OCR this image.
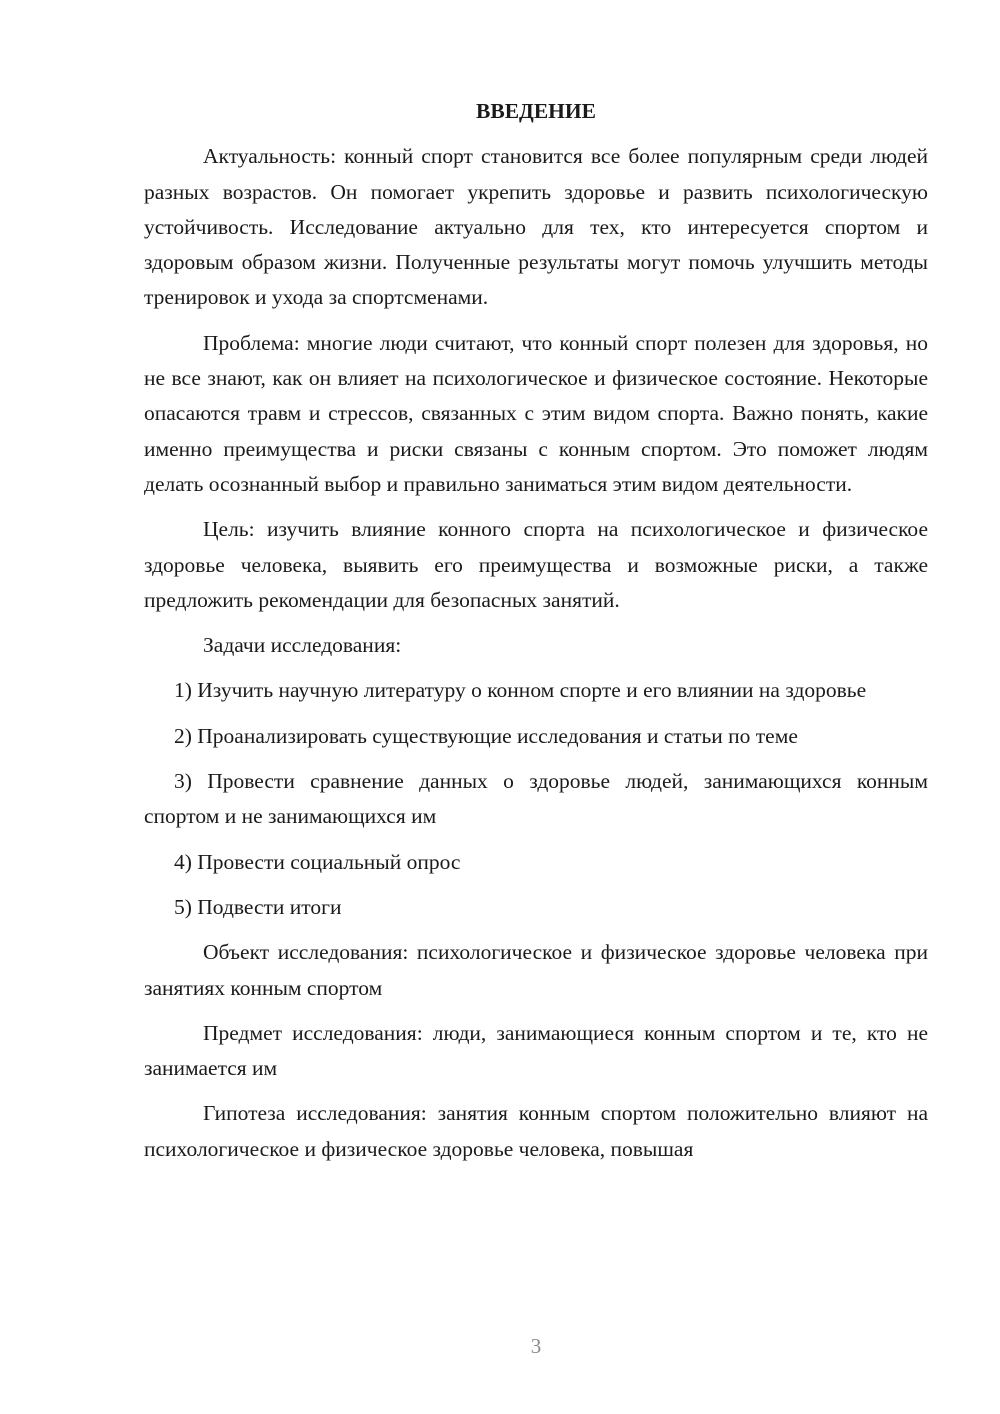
ВВЕДЕНИЕ

Актуальность: конный спорт становится все более популярным среди людей разных возрастов. Он помогает укрепить здоровье и развить психологическую устойчивость. Исследование актуально для тех, кто интересуется спортом и здоровым образом жизни. Полученные результаты могут помочь улучшить методы тренировок и ухода за спортсменами.

Проблема: многие люди считают, что конный спорт полезен для здоровья, но не все знают, как он влияет на психологическое и физическое состояние. Некоторые опасаются травм и стрессов, связанных с этим видом спорта. Важно понять, какие именно преимущества и риски связаны с конным спортом. Это поможет людям делать осознанный выбор и правильно заниматься этим видом деятельности.

Цель: изучить влияние конного спорта на психологическое и физическое здоровье человека, выявить его преимущества и возможные риски, а также предложить рекомендации для безопасных занятий.

Задачи исследования:

1) Изучить научную литературу о конном спорте и его влиянии на здоровье

2) Проанализировать существующие исследования и статьи по теме

3) Провести сравнение данных о здоровье людей, занимающихся конным спортом и не занимающихся им

4) Провести социальный опрос

5) Подвести итоги

Объект исследования: психологическое и физическое здоровье человека при занятиях конным спортом

Предмет исследования: люди, занимающиеся конным спортом и те, кто не занимается им

Гипотеза исследования: занятия конным спортом положительно влияют на психологическое и физическое здоровье человека, повышая

3
